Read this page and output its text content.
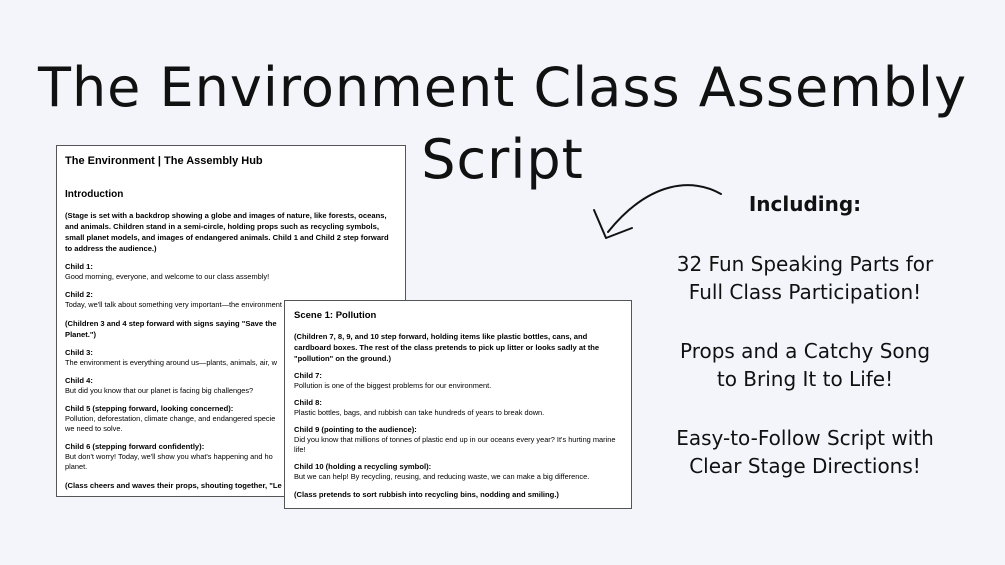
The Environment Class Assembly Script
The Environment | The Assembly Hub
Introduction
(Stage is set with a backdrop showing a globe and images of nature, like forests, oceans, and animals. Children stand in a semi-circle, holding props such as recycling symbols, small planet models, and images of endangered animals. Child 1 and Child 2 step forward to address the audience.)
Child 1:
Good morning, everyone, and welcome to our class assembly!
Child 2:
Today, we'll talk about something very important—the environment
(Children 3 and 4 step forward with signs saying "Save the
Planet.")
Child 3:
The environment is everything around us—plants, animals, air, w
Child 4:
But did you know that our planet is facing big challenges?
Child 5 (stepping forward, looking concerned):
Pollution, deforestation, climate change, and endangered specie
we need to solve.
Child 6 (stepping forward confidently):
But don't worry! Today, we'll show you what's happening and ho
planet.
(Class cheers and waves their props, shouting together, "Le
Scene 1: Pollution
(Children 7, 8, 9, and 10 step forward, holding items like plastic bottles, cans, and cardboard boxes. The rest of the class pretends to pick up litter or looks sadly at the "pollution" on the ground.)
Child 7:
Pollution is one of the biggest problems for our environment.
Child 8:
Plastic bottles, bags, and rubbish can take hundreds of years to break down.
Child 9 (pointing to the audience):
Did you know that millions of tonnes of plastic end up in our oceans every year? It's hurting marine life!
Child 10 (holding a recycling symbol):
But we can help! By recycling, reusing, and reducing waste, we can make a big difference.
(Class pretends to sort rubbish into recycling bins, nodding and smiling.)
Including:
32 Fun Speaking Parts for
Full Class Participation!
Props and a Catchy Song
to Bring It to Life!
Easy-to-Follow Script with
Clear Stage Directions!
